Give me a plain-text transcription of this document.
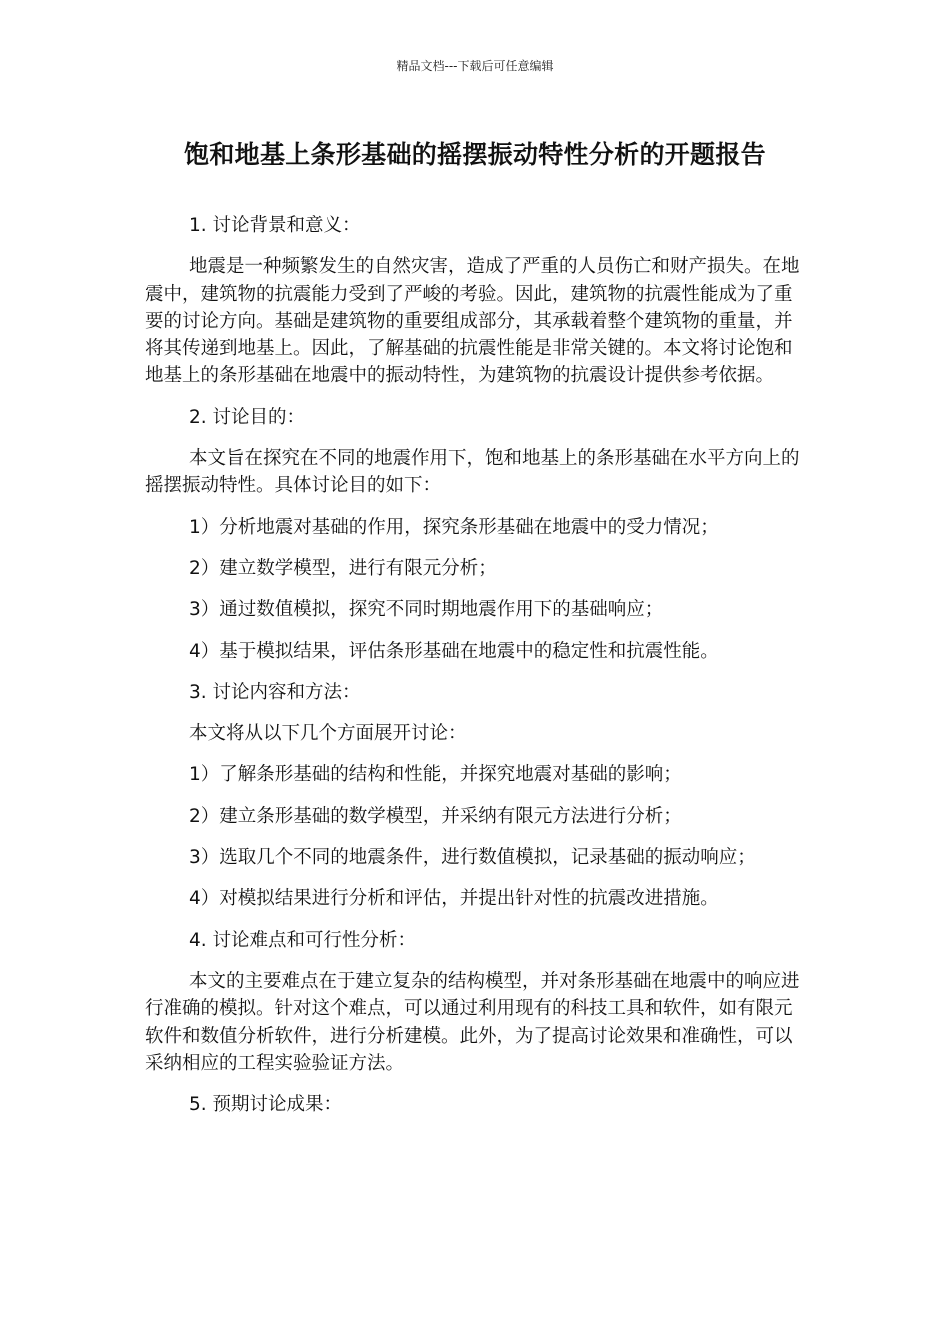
精品文档---下载后可任意编辑
饱和地基上条形基础的摇摆振动特性分析的开题报告

1. 讨论背景和意义：

地震是一种频繁发生的自然灾害，造成了严重的人员伤亡和财产损失。在地震中，建筑物的抗震能力受到了严峻的考验。因此，建筑物的抗震性能成为了重要的讨论方向。基础是建筑物的重要组成部分，其承载着整个建筑物的重量，并将其传递到地基上。因此，了解基础的抗震性能是非常关键的。本文将讨论饱和地基上的条形基础在地震中的振动特性，为建筑物的抗震设计提供参考依据。

2. 讨论目的：

本文旨在探究在不同的地震作用下，饱和地基上的条形基础在水平方向上的摇摆振动特性。具体讨论目的如下：

1）分析地震对基础的作用，探究条形基础在地震中的受力情况；

2）建立数学模型，进行有限元分析；

3）通过数值模拟，探究不同时期地震作用下的基础响应；

4）基于模拟结果，评估条形基础在地震中的稳定性和抗震性能。

3. 讨论内容和方法：

本文将从以下几个方面展开讨论：

1）了解条形基础的结构和性能，并探究地震对基础的影响；

2）建立条形基础的数学模型，并采纳有限元方法进行分析；

3）选取几个不同的地震条件，进行数值模拟，记录基础的振动响应；

4）对模拟结果进行分析和评估，并提出针对性的抗震改进措施。

4. 讨论难点和可行性分析：

本文的主要难点在于建立复杂的结构模型，并对条形基础在地震中的响应进行准确的模拟。针对这个难点，可以通过利用现有的科技工具和软件，如有限元软件和数值分析软件，进行分析建模。此外，为了提高讨论效果和准确性，可以采纳相应的工程实验验证方法。

5. 预期讨论成果：
